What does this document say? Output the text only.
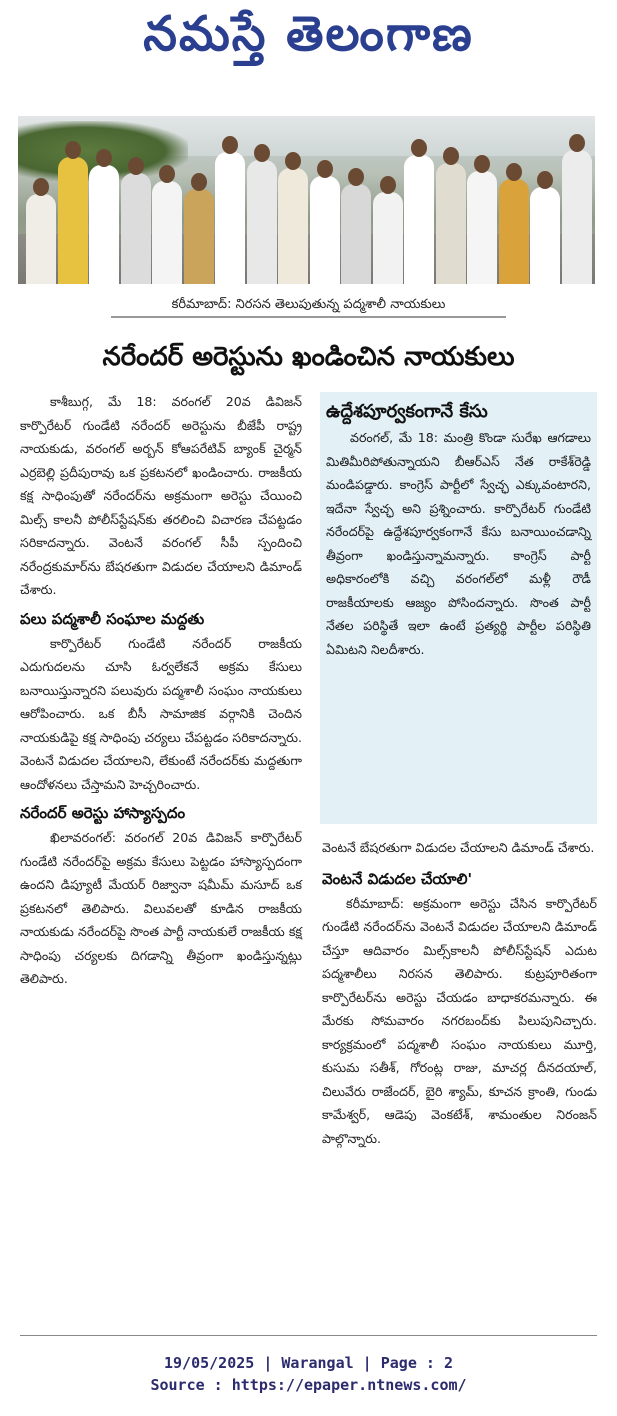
నమస్తే తెలంగాణ
కరీమాబాద్: నిరసన తెలుపుతున్న పద్మశాలీ నాయకులు
నరేందర్ అరెస్టును ఖండించిన నాయకులు

కాశీబుగ్గ, మే 18: వరంగల్ 20వ డివిజన్ కార్పొరేటర్ గుండేటి నరేందర్ అరెస్టును బీజేపీ రాష్ట్ర నాయకుడు, వరంగల్ అర్బన్ కోఆపరేటివ్ బ్యాంక్ చైర్మన్ ఎర్రబెల్లి ప్రదీపురావు ఒక ప్రకటనలో ఖండించారు. రాజకీయ కక్ష సాధింపుతో నరేందర్‌ను అక్రమంగా అరెస్టు చేయించి మిల్స్ కాలనీ పోలీస్‌స్టేషన్‌కు తరలించి విచారణ చేపట్టడం సరికాదన్నారు. వెంటనే వరంగల్ సీపీ స్పందించి నరేంద్రకుమార్‌ను బేషరతుగా విడుదల చేయాలని డిమాండ్ చేశారు.

పలు పద్మశాలీ సంఘాల మద్దతు

కార్పొరేటర్ గుండేటి నరేందర్ రాజకీయ ఎదుగుదలను చూసి ఓర్వలేకనే అక్రమ కేసులు బనాయిస్తున్నారని పలువురు పద్మశాలీ సంఘం నాయకులు ఆరోపించారు. ఒక బీసీ సామాజిక వర్గానికి చెందిన నాయకుడిపై కక్ష సాధింపు చర్యలు చేపట్టడం సరికాదన్నారు. వెంటనే విడుదల చేయాలని, లేకుంటే నరేందర్‌కు మద్దతుగా ఆందోళనలు చేస్తామని హెచ్చరించారు.

నరేందర్ అరెస్టు హాస్యాస్పదం

ఖిలావరంగల్: వరంగల్ 20వ డివిజన్ కార్పొరేటర్ గుండేటి నరేందర్‌పై అక్రమ కేసులు పెట్టడం హాస్యాస్పదంగా ఉందని డిప్యూటీ మేయర్ రిజ్వానా షమీమ్ మసూద్ ఒక ప్రకటనలో తెలిపారు. విలువలతో కూడిన రాజకీయ నాయకుడు నరేందర్‌పై సొంత పార్టీ నాయకులే రాజకీయ కక్ష సాధింపు చర్యలకు దిగడాన్ని తీవ్రంగా ఖండిస్తున్నట్లు తెలిపారు.

ఉద్దేశపూర్వకంగానే కేసు

వరంగల్, మే 18: మంత్రి కొండా సురేఖ ఆగడాలు మితిమీరిపోతున్నాయని బీఆర్‌ఎస్ నేత రాకేశ్‌రెడ్డి మండిపడ్డారు. కాంగ్రెస్ పార్టీలో స్వేచ్ఛ ఎక్కువంటారని, ఇదేనా స్వేచ్ఛ అని ప్రశ్నించారు. కార్పొరేటర్ గుండేటి నరేందర్‌పై ఉద్దేశపూర్వకంగానే కేసు బనాయించడాన్ని తీవ్రంగా ఖండిస్తున్నామన్నారు. కాంగ్రెస్ పార్టీ అధికారంలోకి వచ్చి వరంగల్‌లో మళ్లీ రౌడీ రాజకీయాలకు ఆజ్యం పోసిందన్నారు. సొంత పార్టీ నేతల పరిస్థితే ఇలా ఉంటే ప్రత్యర్థి పార్టీల పరిస్థితి ఏమిటని నిలదీశారు.

వెంటనే బేషరతుగా విడుదల చేయాలని డిమాండ్ చేశారు.

వెంటనే విడుదల చేయాలి'

కరీమాబాద్: అక్రమంగా అరెస్టు చేసిన కార్పొరేటర్ గుండేటి నరేందర్‌ను వెంటనే విడుదల చేయాలని డిమాండ్ చేస్తూ ఆదివారం మిల్స్‌కాలనీ పోలీస్‌స్టేషన్ ఎదుట పద్మశాలీలు నిరసన తెలిపారు. కుట్రపూరితంగా కార్పొరేటర్‌ను అరెస్టు చేయడం బాధాకరమన్నారు. ఈ మేరకు సోమవారం నగరబంద్‌కు పిలుపునిచ్చారు. కార్యక్రమంలో పద్మశాలీ సంఘం నాయకులు మూర్తి, కుసుమ సతీశ్, గోరంట్ల రాజు, మాచర్ల దీనదయాల్, చిలువేరు రాజేందర్, బైరి శ్యామ్, కూచన క్రాంతి, గుండు కామేశ్వర్, ఆడెపు వెంకటేశ్, శామంతుల నిరంజన్ పాల్గొన్నారు.

19/05/2025 | Warangal | Page : 2
Source : https://epaper.ntnews.com/
